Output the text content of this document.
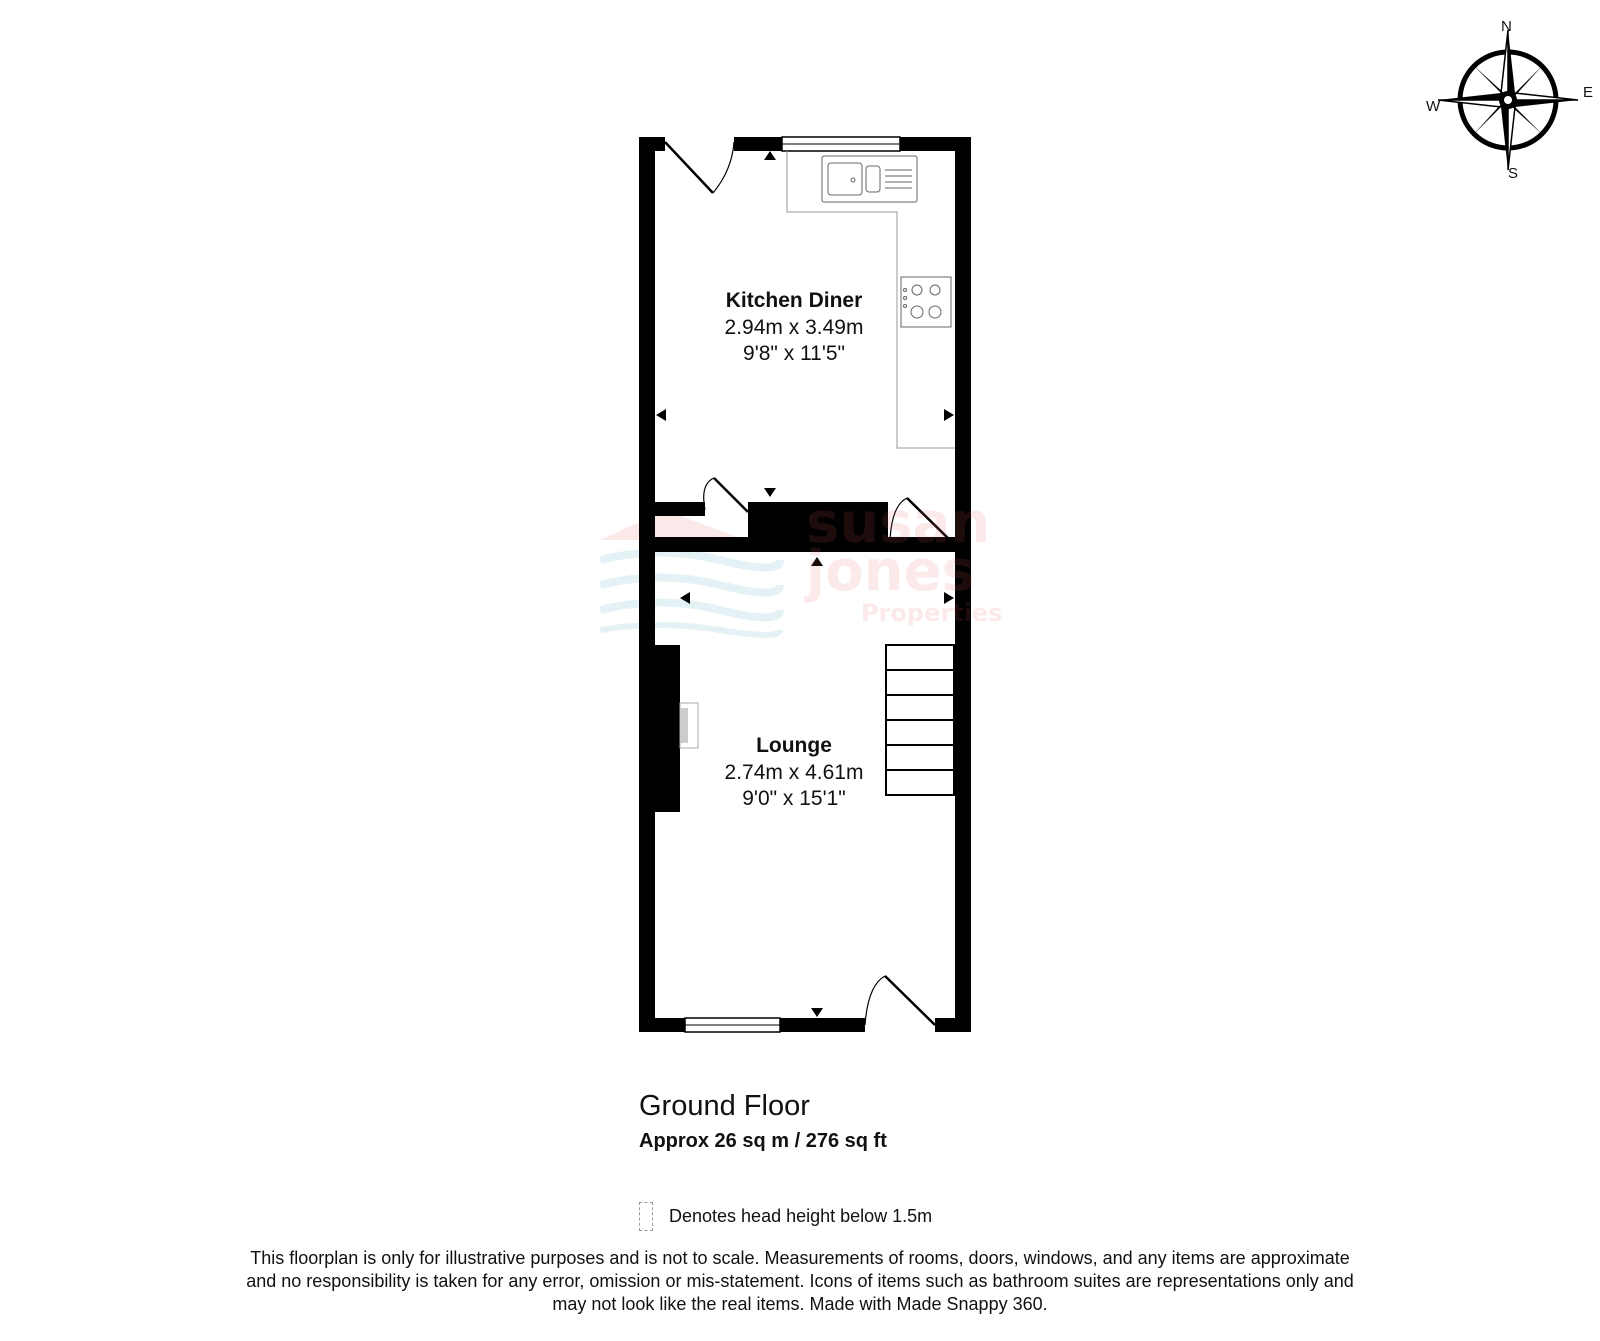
susan
jones
Properties
N
E
S
W
Kitchen Diner
2.94m x 3.49m
9'8" x 11'5"
Lounge
2.74m x 4.61m
9'0" x 15'1"
Ground Floor
Approx 26 sq m / 276 sq ft
Denotes head height below 1.5m
This floorplan is only for illustrative purposes and is not to scale. Measurements of rooms, doors, windows, and any items are approximate
and no responsibility is taken for any error, omission or mis-statement. Icons of items such as bathroom suites are representations only and
may not look like the real items. Made with Made Snappy 360.
